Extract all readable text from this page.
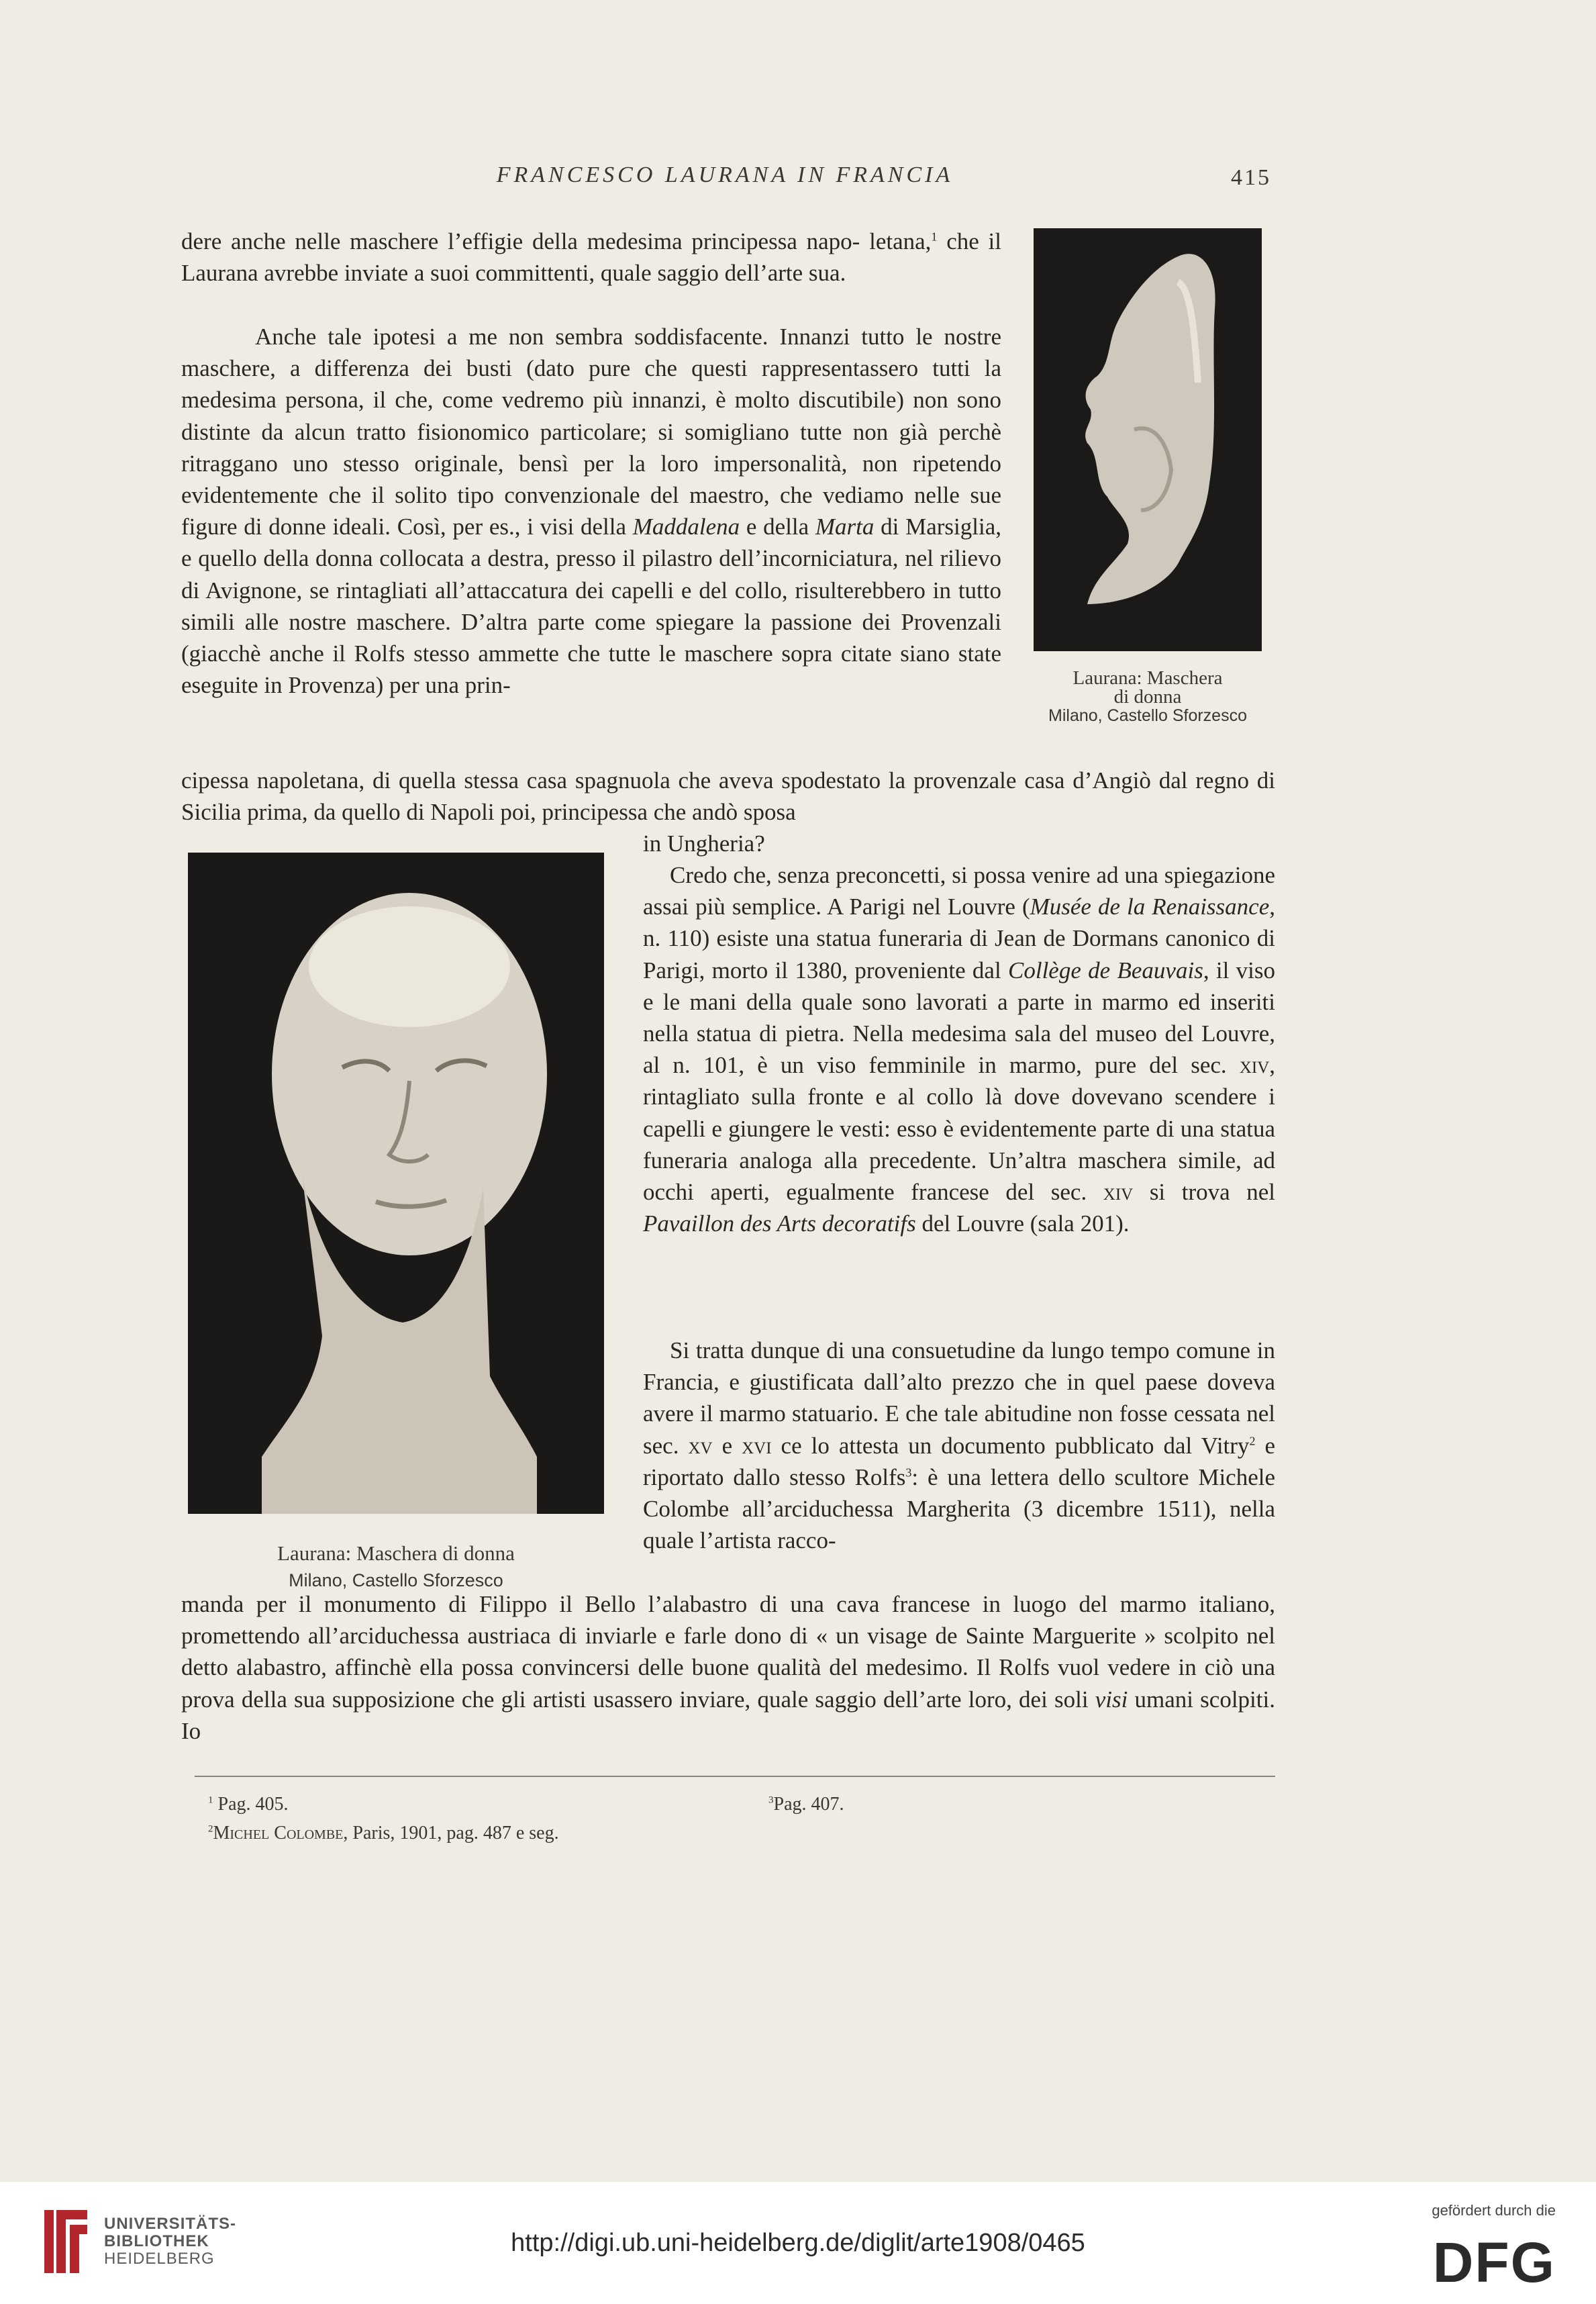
FRANCESCO LAURANA IN FRANCIA	415

dere anche nelle maschere l’effigie della medesima principessa napo- letana,$^1$ che il Laurana avrebbe inviate a suoi committenti, quale saggio dell’arte sua.

Anche tale ipotesi a me non sembra soddisfacente. Innanzi tutto le nostre maschere, a differenza dei busti (dato pure che questi rappresentassero tutti la medesima persona, il che, come vedremo più innanzi, è molto discutibile) non sono distinte da alcun tratto fisionomico particolare; si somigliano tutte non già perchè ritraggano uno stesso originale, bensì per la loro impersonalità, non ripetendo evidentemente che il solito tipo convenzionale del maestro, che vediamo nelle sue figure di donne ideali. Così, per es., i visi della Maddalena e della Marta di Marsiglia, e quello della donna collocata a destra, presso il pilastro dell’incorniciatura, nel rilievo di Avignone, se rintagliati all’attaccatura dei capelli e del collo, risulterebbero in tutto simili alle nostre maschere. D’altra parte come spiegare la passione dei Provenzali (giacchè anche il Rolfs stesso ammette che tutte le maschere sopra citate siano state eseguite in Provenza) per una prin-

cipessa napoletana, di quella stessa casa spagnuola che aveva spodestato la provenzale casa d’Angiò dal regno di Sicilia prima, da quello di Napoli poi, principessa che andò sposa

in Ungheria?

Credo che, senza preconcetti, si possa venire ad una spiegazione assai più semplice. A Parigi nel Louvre (Musée de la Renaissance, n. 110) esiste una statua funeraria di Jean de Dormans canonico di Parigi, morto il 1380, proveniente dal Collège de Beauvais, il viso e le mani della quale sono lavorati a parte in marmo ed inseriti nella statua di pietra. Nella medesima sala del museo del Louvre, al n. 101, è un viso femminile in marmo, pure del sec. xiv, rintagliato sulla fronte e al collo là dove dovevano scendere i capelli e giungere le vesti: esso è evidentemente parte di una statua funeraria analoga alla precedente. Un’altra maschera simile, ad occhi aperti, egualmente francese del sec. xiv si trova nel Pavaillon des Arts decoratifs del Louvre (sala 201).

Si tratta dunque di una consuetudine da lungo tempo comune in Francia, e giustificata dall’alto prezzo che in quel paese doveva avere il marmo statuario. E che tale abitudine non fosse cessata nel sec. xv e xvi ce lo attesta un documento pubblicato dal Vitry$^2$ e riportato dallo stesso Rolfs$^3$: è una lettera dello scultore Michele Colombe all’arciduchessa Margherita (3 dicembre 1511), nella quale l’artista racco-

manda per il monumento di Filippo il Bello l’alabastro di una cava francese in luogo del marmo italiano, promettendo all’arciduchessa austriaca di inviarle e farle dono di « un visage de Sainte Marguerite » scolpito nel detto alabastro, affinchè ella possa convincersi delle buone qualità del medesimo. Il Rolfs vuol vedere in ciò una prova della sua supposizione che gli artisti usassero inviare, quale saggio dell’arte loro, dei soli visi umani scolpiti. Io

Laurana: Maschera
di donna
Milano, Castello Sforzesco
Laurana: Maschera di donna
Milano, Castello Sforzesco
$^1$ Pag. 405.	$^3$Pag. 407.
$^2$Michel Colombe, Paris, 1901, pag. 487 e seg.
UNIVERSITÄTS-
BIBLIOTHEK
HEIDELBERG
http://digi.ub.uni-heidelberg.de/diglit/arte1908/0465
gefördert durch die
DFG
